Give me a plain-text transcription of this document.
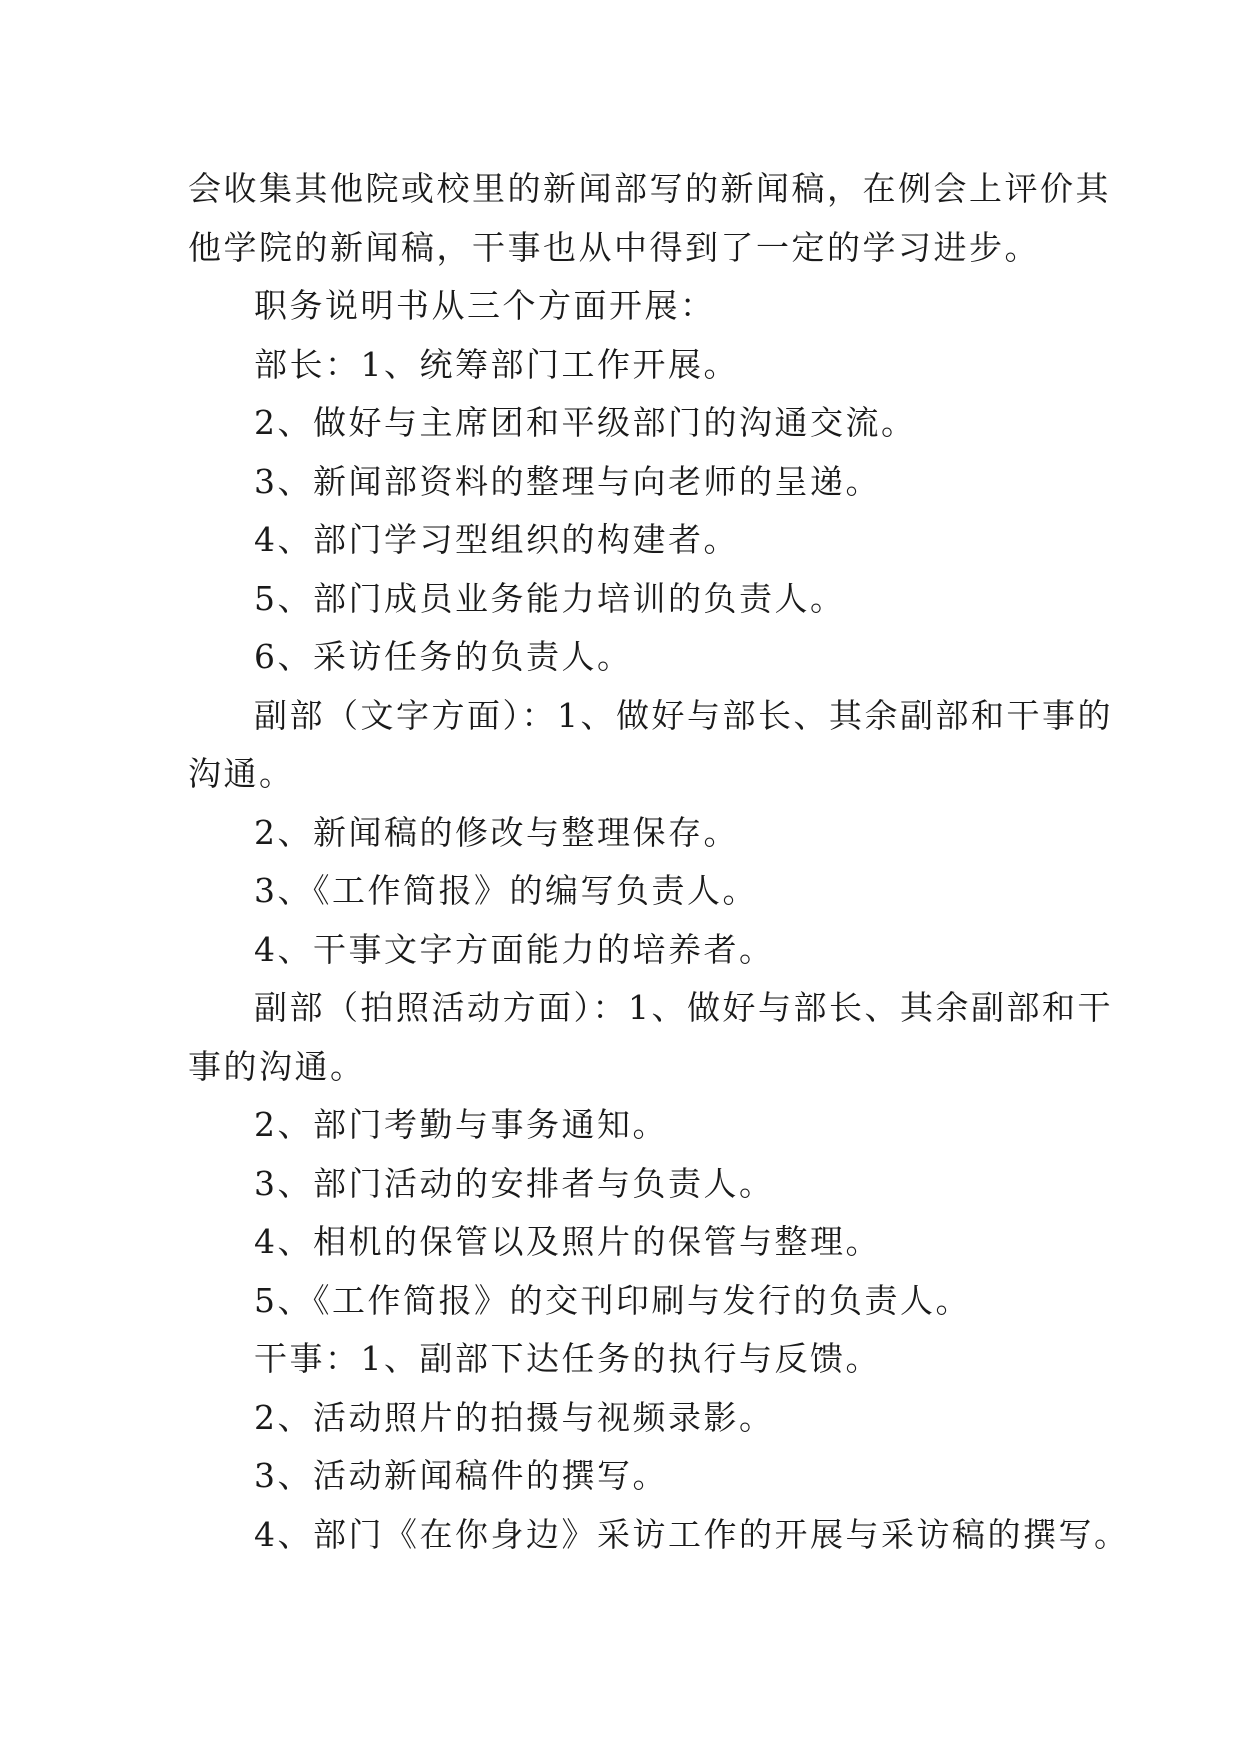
会收集其他院或校里的新闻部写的新闻稿，在例会上评价其
他学院的新闻稿，干事也从中得到了一定的学习进步。
职务说明书从三个方面开展：
部长：1、统筹部门工作开展。
2、做好与主席团和平级部门的沟通交流。
3、新闻部资料的整理与向老师的呈递。
4、部门学习型组织的构建者。
5、部门成员业务能力培训的负责人。
6、采访任务的负责人。
副部（文字方面）：1、做好与部长、其余副部和干事的
沟通。
2、新闻稿的修改与整理保存。
3、《工作简报》的编写负责人。
4、干事文字方面能力的培养者。
副部（拍照活动方面）：1、做好与部长、其余副部和干
事的沟通。
2、部门考勤与事务通知。
3、部门活动的安排者与负责人。
4、相机的保管以及照片的保管与整理。
5、《工作简报》的交刊印刷与发行的负责人。
干事：1、副部下达任务的执行与反馈。
2、活动照片的拍摄与视频录影。
3、活动新闻稿件的撰写。
4、部门《在你身边》采访工作的开展与采访稿的撰写。
